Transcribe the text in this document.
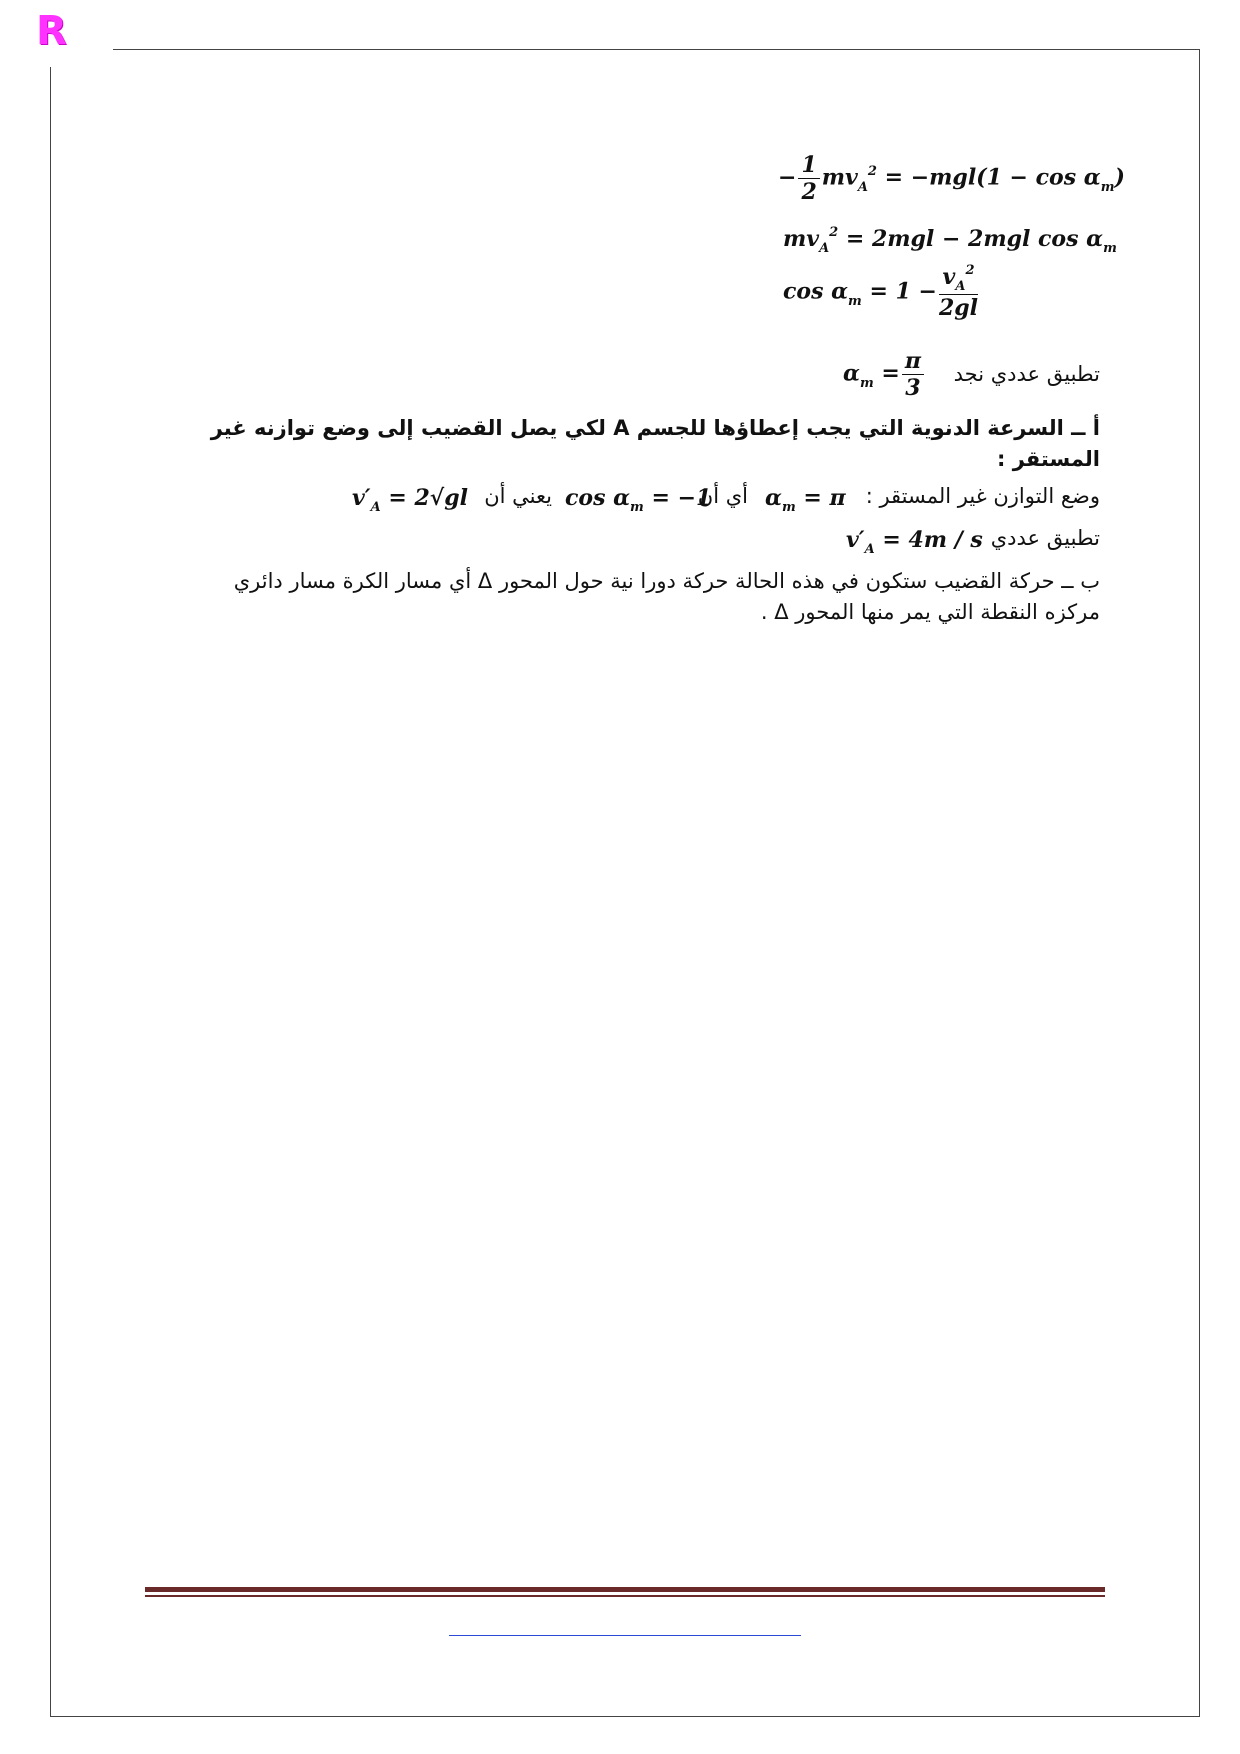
R
− $\frac{1}{2} mv_A^2 = -mgl(1 - \cos \alpha_m)$
$mv_A^2 = 2mgl - 2mgl$ $\cos \alpha_m$
$\cos \alpha_m = 1 - \frac{v_A^2}{2gl}$
تطبيق عددي نجد
$\alpha_m = \frac{\pi}{3}$
أ ــ السرعة الدنوية التي يجب إعطاؤها للجسم A لكي يصل القضيب إلى وضع توازنه غير
المستقر :
وضع التوازن غير المستقر :
$\alpha_m = \pi$
أي أن
$\cos \alpha_m = -1$
يعني أن
$v'_A = 2√gl$
تطبيق عددي
$v'_A = 4m / s$
ب ــ حركة القضيب ستكون في هذه الحالة حركة دورا نية حول المحور Δ أي مسار الكرة مسار دائري
مركزه النقطة التي يمر منها المحور Δ .
